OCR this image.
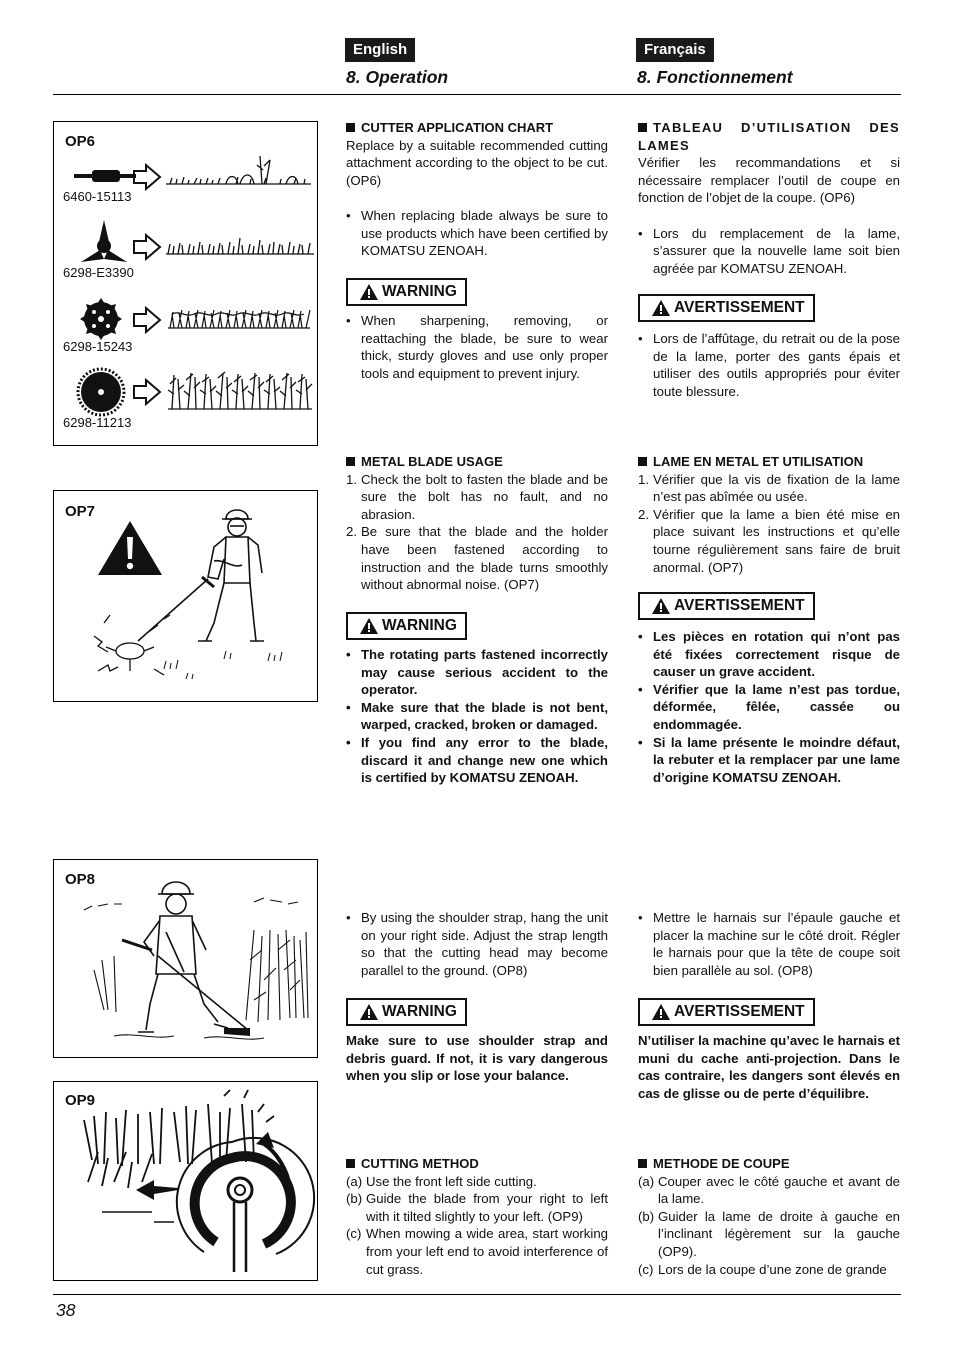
English	Français
8. Operation	8. Fonctionnement
OP6
6460-15113
6298-E3390
6298-15243
6298-11213
OP7
OP8
OP9
CUTTER APPLICATION CHART

Replace by a suitable recommended cutting attachment according to the object to be cut. (OP6)

• When replacing blade always be sure to use products which have been certified by KOMATSU ZENOAH.
WARNING
• When sharpening, removing, or reattaching the blade, be sure to wear thick, sturdy gloves and use only proper tools and equipment to prevent injury.
METAL BLADE USAGE
1. Check the bolt to fasten the blade and be sure the bolt has no fault, and no abrasion.
2. Be sure that the blade and the holder have been fastened according to instruction and the blade turns smoothly without abnormal noise. (OP7)
WARNING
• The rotating parts fastened incorrectly may cause serious accident to the operator.
• Make sure that the blade is not bent, warped, cracked, broken or damaged.
• If you find any error to the blade, discard it and change new one which is certified by KOMATSU ZENOAH.
• By using the shoulder strap, hang the unit on your right side. Adjust the strap length so that the cutting head may become parallel to the ground. (OP8)
WARNING

Make sure to use shoulder strap and debris guard. If not, it is vary dangerous when you slip or lose your balance.

CUTTING METHOD
(a) Use the front left side cutting.
(b) Guide the blade from your right to left with it tilted slightly to your left. (OP9)
(c) When mowing a wide area, start working from your left end to avoid interference of cut grass.
TABLEAU D’UTILISATION DES LAMES

Vérifier les recommandations et si nécessaire remplacer l’outil de coupe en fonction de l’objet de la coupe. (OP6)

• Lors du remplacement de la lame, s’assurer que la nouvelle lame soit bien agréée par KOMATSU ZENOAH.
AVERTISSEMENT
• Lors de l’affûtage, du retrait ou de la pose de la lame, porter des gants épais et utiliser des outils appropriés pour éviter toute blessure.
LAME EN METAL ET UTILISATION
1. Vérifier que la vis de fixation de la lame n’est pas abîmée ou usée.
2. Vérifier que la lame a bien été mise en place suivant les instructions et qu’elle tourne régulièrement sans faire de bruit anormal. (OP7)
AVERTISSEMENT
• Les pièces en rotation qui n’ont pas été fixées correctement risque de causer un grave accident.
• Vérifier que la lame n’est pas tordue, déformée, fêlée, cassée ou endommagée.
• Si la lame présente le moindre défaut, la rebuter et la remplacer par une lame d’origine KOMATSU ZENOAH.
• Mettre le harnais sur l’épaule gauche et placer la machine sur le côté droit. Régler le harnais pour que la tête de coupe soit bien parallèle au sol. (OP8)
AVERTISSEMENT

N’utiliser la machine qu’avec le harnais et muni du cache anti-projection. Dans le cas contraire, les dangers sont élevés en cas de glisse ou de perte d’équilibre.

METHODE DE COUPE
(a) Couper avec le côté gauche et avant de la lame.
(b) Guider la lame de droite à gauche en l’inclinant légèrement sur la gauche (OP9).
(c) Lors de la coupe d’une zone de grande
38
